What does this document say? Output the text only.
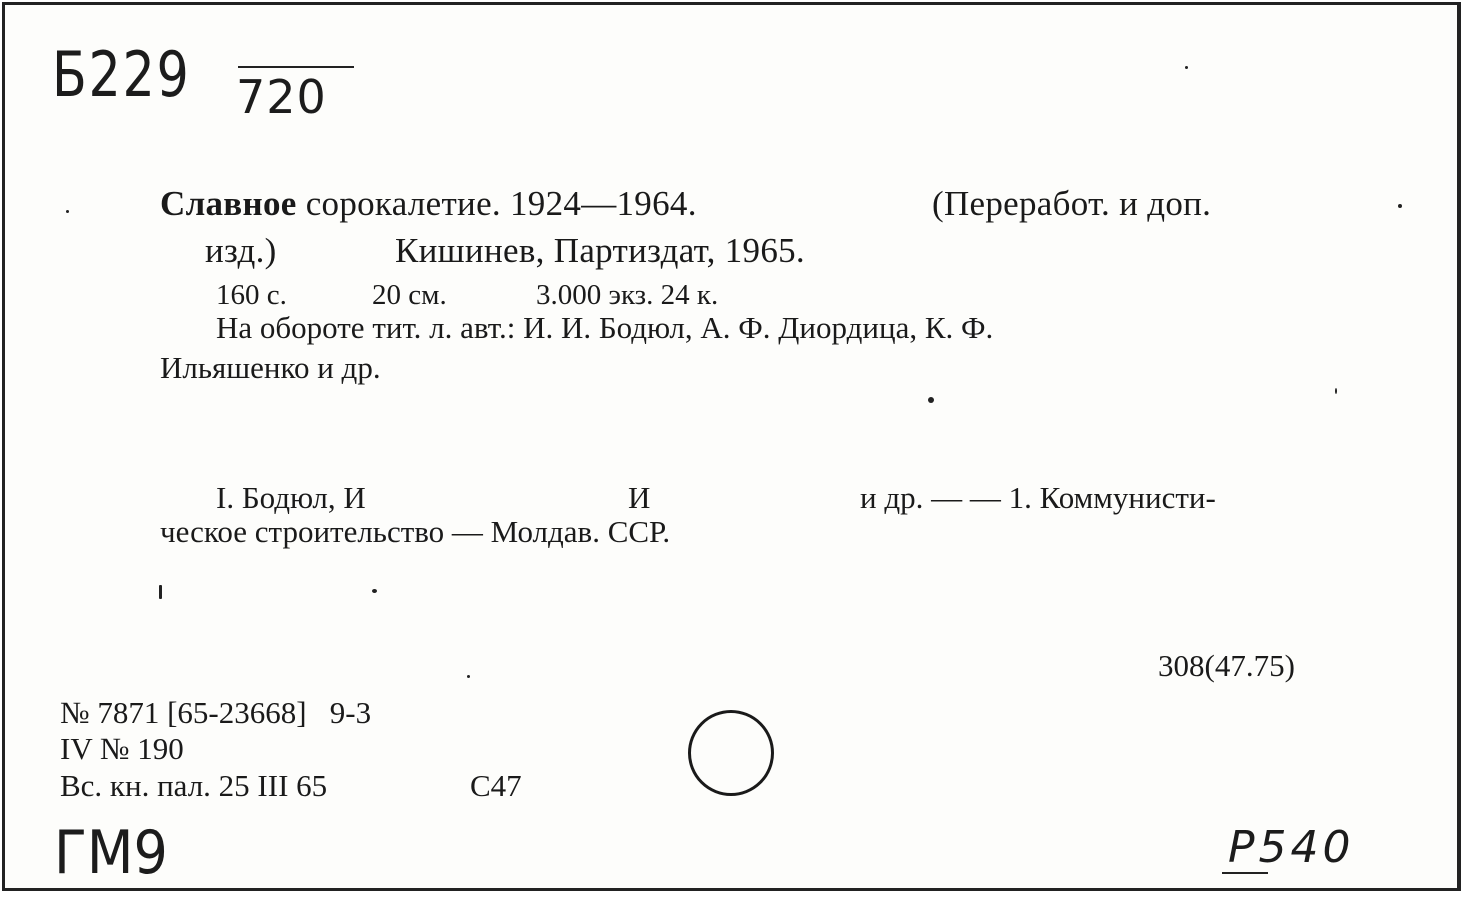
Б229 720
Славное сорокалетие. 1924—1964.	(Переработ. и доп.
изд.)	Кишинев, Партиздат, 1965.
160 с.	20 см.	3.000 экз. 24 к.
На обороте тит. л. авт.: И. И. Бодюл, А. Ф. Диордица, К. Ф.
Ильяшенко и др.
I. Бодюл, И	И	и др. — — 1. Коммунисти-
ческое строительство — Молдав. ССР.
308(47.75)
№ 7871 [65-23668]   9-3
IV № 190
Вс. кн. пал. 25 III 65	С47
ГМ9	Р540
